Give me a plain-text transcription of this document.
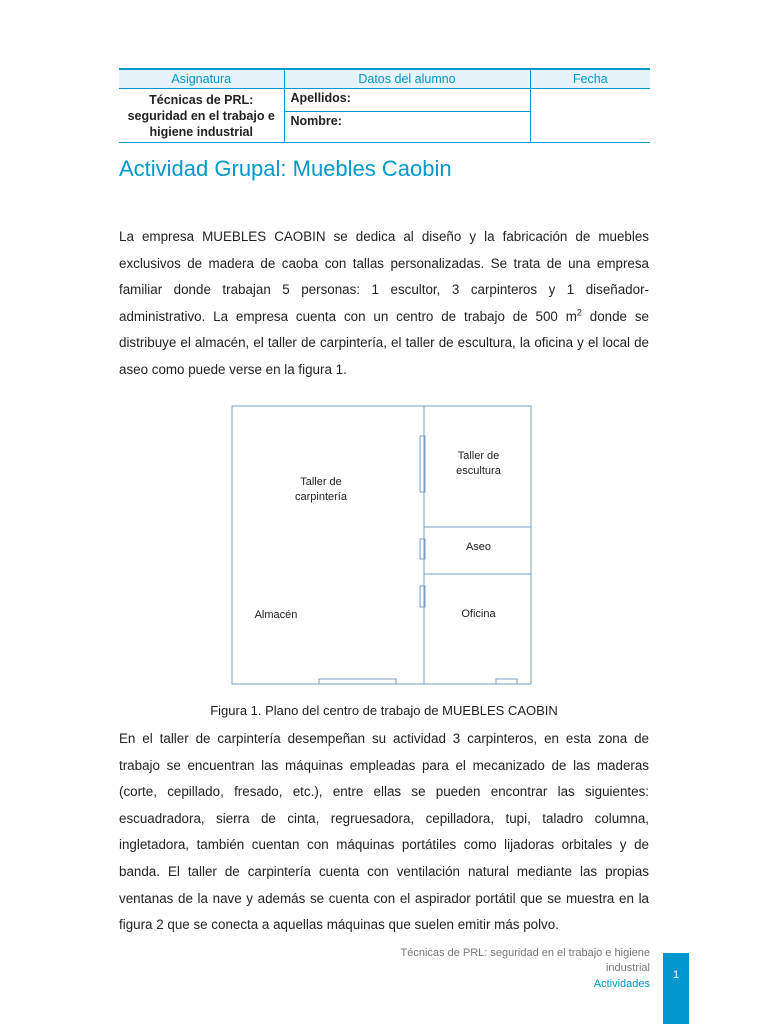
Asignatura	Datos del alumno	Fecha

Técnicas de PRL:
seguridad en el trabajo e
higiene industrial	Apellidos:	
	Nombre:	
Actividad Grupal: Muebles Caobin

La empresa MUEBLES CAOBIN se dedica al diseño y la fabricación de muebles exclusivos de madera de caoba con tallas personalizadas. Se trata de una empresa familiar donde trabajan 5 personas: 1 escultor, 3 carpinteros y 1 diseñador-administrativo. La empresa cuenta con un centro de trabajo de 500 $m^2$ donde se distribuye el almacén, el taller de carpintería, el taller de escultura, la oficina y el local de aseo como puede verse en la figura 1.

Taller de
carpintería
Taller de
escultura
Aseo
Almacén	Oficina

Figura 1. Plano del centro de trabajo de MUEBLES CAOBIN

En el taller de carpintería desempeñan su actividad 3 carpinteros, en esta zona de trabajo se encuentran las máquinas empleadas para el mecanizado de las maderas (corte, cepillado, fresado, etc.), entre ellas se pueden encontrar las siguientes: escuadradora, sierra de cinta, regruesadora, cepilladora, tupi, taladro columna, ingletadora, también cuentan con máquinas portátiles como lijadoras orbitales y de banda. El taller de carpintería cuenta con ventilación natural mediante las propias ventanas de la nave y además se cuenta con el aspirador portátil que se muestra en la figura 2 que se conecta a aquellas máquinas que suelen emitir más polvo.

Técnicas de PRL: seguridad en el trabajo e higiene
industrial
Actividades
1
